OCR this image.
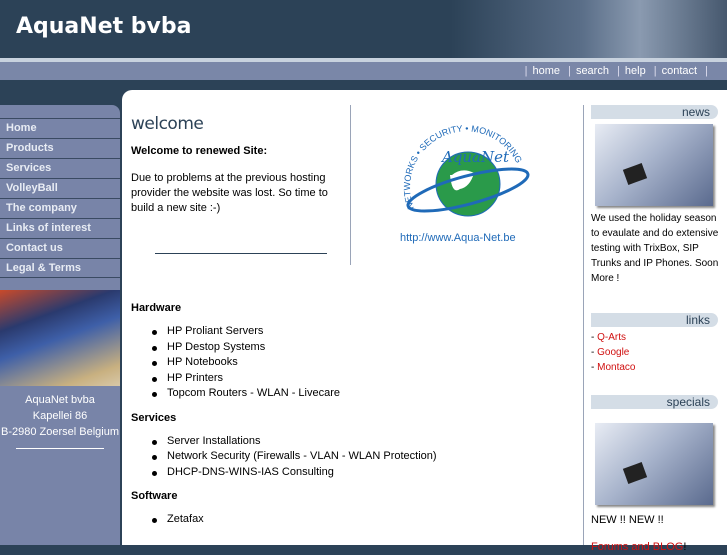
AquaNet bvba
| home | search | help | contact |
Home
Products
Services
VolleyBall
The company
Links of interest
Contact us
Legal & Terms
AquaNet bvba
Kapellei 86
B-2980 Zoersel Belgium
welcome
Welcome to renewed Site:
Due to problems at the previous hosting provider the website was lost. So time to build a new site :-)	NETWORKS • SECURITY • MONITORING
AquaNet
http://www.Aqua-Net.be
Hardware
HP Proliant Servers
HP Destop Systems
HP Notebooks
HP Printers
Topcom Routers - WLAN - Livecare
Services
Server Installations
Network Security (Firewalls - VLAN - WLAN Protection)
DHCP-DNS-WINS-IAS Consulting
Software
Zetafax
news
We used the holiday season to evaulate and do extensive testing with TrixBox, SIP Trunks and IP Phones. Soon More !
links
- Q-Arts
- Google
- Montaco
specials
NEW !! NEW !!
Forums and BLOG!
